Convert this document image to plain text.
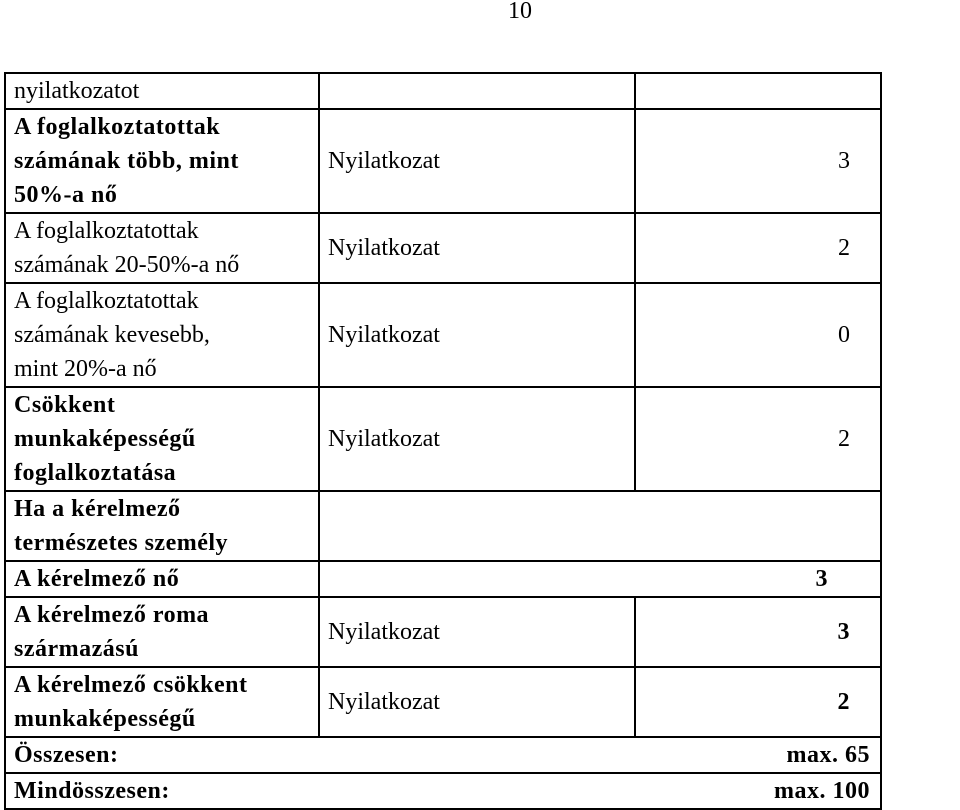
10
nyilatkozatot		

A foglalkoztatottak
számának több, mint
50%-a nő	Nyilatkozat	3

A foglalkoztatottak
számának 20-50%-a nő	Nyilatkozat	2

A foglalkoztatottak
számának kevesebb,
mint 20%-a nő	Nyilatkozat	0

Csökkent
munkaképességű
foglalkoztatása	Nyilatkozat	2

Ha a kérelmező
természetes személy		

A kérelmező nő	3	

A kérelmező roma
származású	Nyilatkozat	3

A kérelmező csökkent
munkaképességű	Nyilatkozat	2
Összesen:		max. 65
Mindösszesen:		max. 100
